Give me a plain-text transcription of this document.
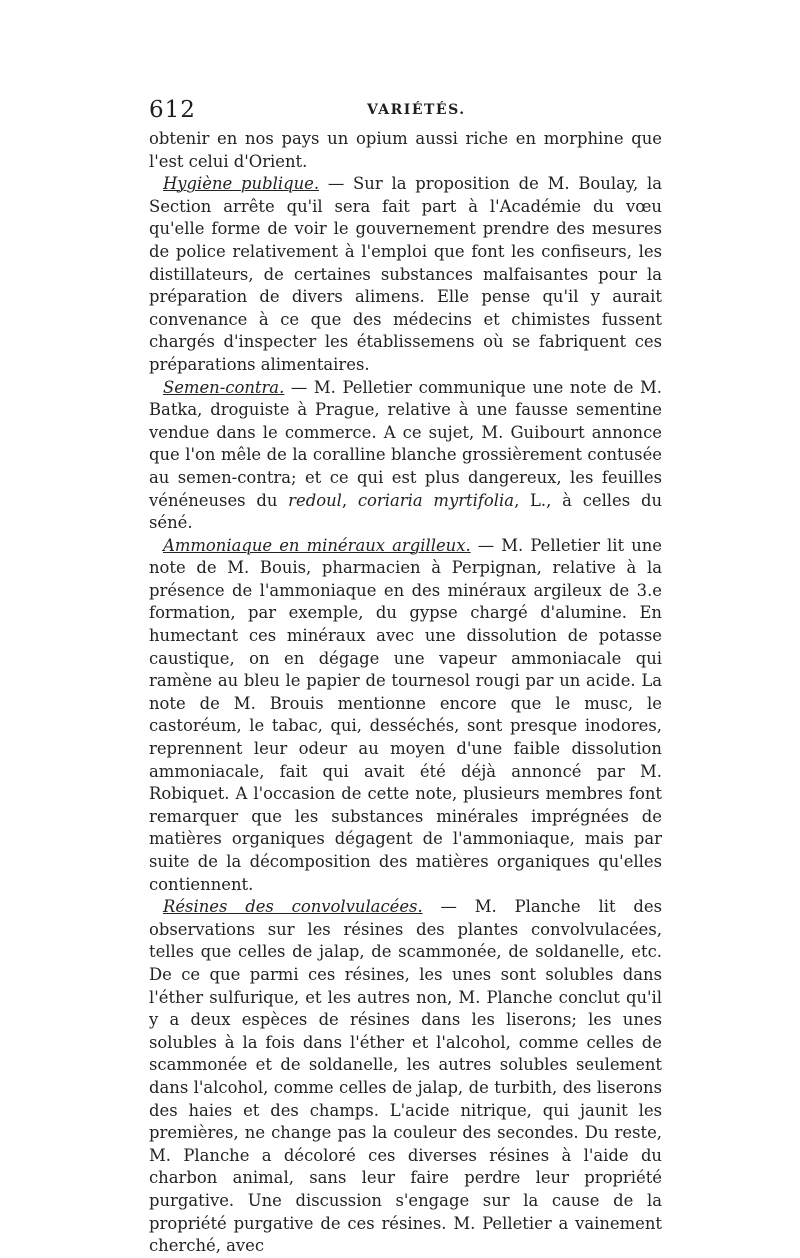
612	VARIÉTÉS.

obtenir en nos pays un opium aussi riche en morphine que l'est celui d'Orient.

Hygiène publique. — Sur la proposition de M. Boulay, la Section arrête qu'il sera fait part à l'Académie du vœu qu'elle forme de voir le gouvernement prendre des mesures de police relativement à l'emploi que font les confiseurs, les distillateurs, de certaines substances malfaisantes pour la préparation de divers alimens. Elle pense qu'il y aurait convenance à ce que des médecins et chimistes fussent chargés d'inspecter les établissemens où se fabriquent ces préparations alimentaires.

Semen-contra. — M. Pelletier communique une note de M. Batka, droguiste à Prague, relative à une fausse sementine vendue dans le commerce. A ce sujet, M. Guibourt annonce que l'on mêle de la coralline blanche grossièrement contusée au semen-contra; et ce qui est plus dangereux, les feuilles vénéneuses du redoul, coriaria myrtifolia, L., à celles du séné.

Ammoniaque en minéraux argilleux. — M. Pelletier lit une note de M. Bouis, pharmacien à Perpignan, relative à la présence de l'ammoniaque en des minéraux argileux de 3.e formation, par exemple, du gypse chargé d'alumine. En humectant ces minéraux avec une dissolution de potasse caustique, on en dégage une vapeur ammoniacale qui ramène au bleu le papier de tournesol rougi par un acide. La note de M. Brouis mentionne encore que le musc, le castoréum, le tabac, qui, desséchés, sont presque inodores, reprennent leur odeur au moyen d'une faible dissolution ammoniacale, fait qui avait été déjà annoncé par M. Robiquet. A l'occasion de cette note, plusieurs membres font remarquer que les substances minérales imprégnées de matières organiques dégagent de l'ammoniaque, mais par suite de la décomposition des matières organiques qu'elles contiennent.

Résines des convolvulacées. — M. Planche lit des observations sur les résines des plantes convolvulacées, telles que celles de jalap, de scammonée, de soldanelle, etc. De ce que parmi ces résines, les unes sont solubles dans l'éther sulfurique, et les autres non, M. Planche conclut qu'il y a deux espèces de résines dans les liserons; les unes solubles à la fois dans l'éther et l'alcohol, comme celles de scammonée et de soldanelle, les autres solubles seulement dans l'alcohol, comme celles de jalap, de turbith, des liserons des haies et des champs. L'acide nitrique, qui jaunit les premières, ne change pas la couleur des secondes. Du reste, M. Planche a décoloré ces diverses résines à l'aide du charbon animal, sans leur faire perdre leur propriété purgative. Une discussion s'engage sur la cause de la propriété purgative de ces résines. M. Pelletier a vainement cherché, avec
